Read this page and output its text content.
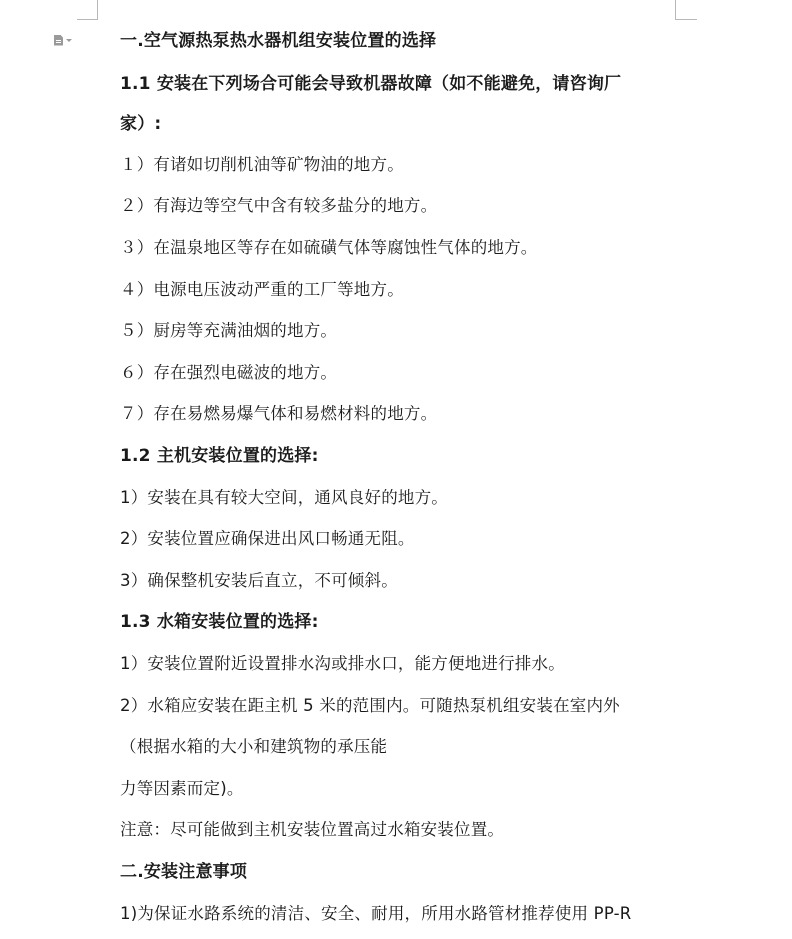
一.空气源热泵热水器机组安装位置的选择
1.1 安装在下列场合可能会导致机器故障（如不能避免，请咨询厂
家）:
１）有诸如切削机油等矿物油的地方。
２）有海边等空气中含有较多盐分的地方。
３）在温泉地区等存在如硫磺气体等腐蚀性气体的地方。
４）电源电压波动严重的工厂等地方。
５）厨房等充满油烟的地方。
６）存在强烈电磁波的地方。
７）存在易燃易爆气体和易燃材料的地方。
1.2 主机安装位置的选择:
1）安装在具有较大空间，通风良好的地方。
2）安装位置应确保进出风口畅通无阻。
3）确保整机安装后直立，不可倾斜。
1.3 水箱安装位置的选择:
1）安装位置附近设置排水沟或排水口，能方便地进行排水。
2）水箱应安装在距主机 5 米的范围内。可随热泵机组安装在室内外
（根据水箱的大小和建筑物的承压能
力等因素而定)。
注意：尽可能做到主机安装位置高过水箱安装位置。
二.安装注意事项
1)为保证水路系统的清洁、安全、耐用，所用水路管材推荐使用 PP-R
